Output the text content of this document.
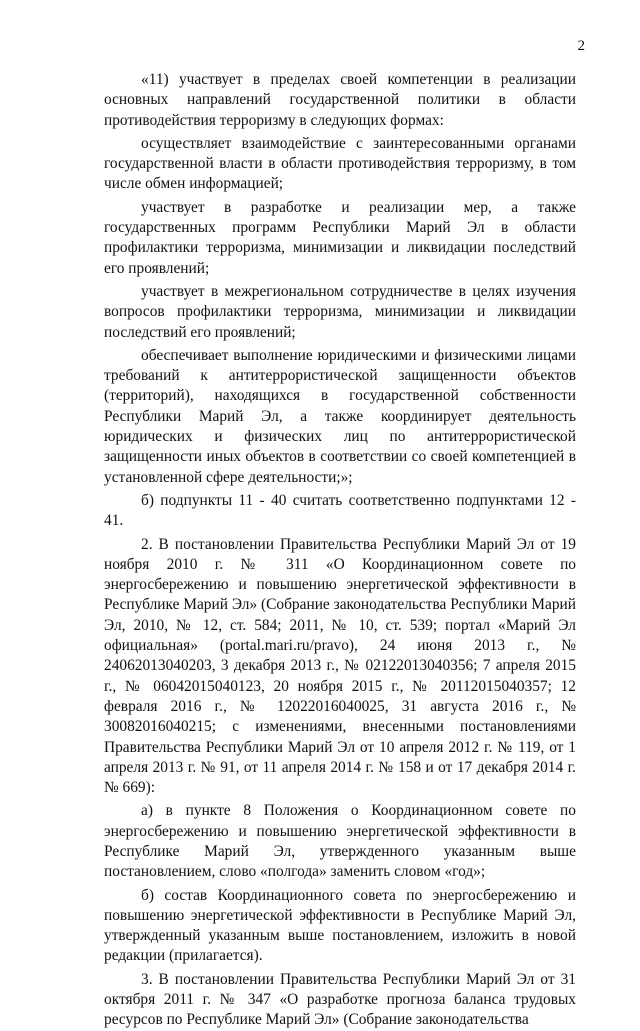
2

«11) участвует в пределах своей компетенции в реализации основных направлений государственной политики в области противодействия терроризму в следующих формах:

осуществляет взаимодействие с заинтересованными органами государственной власти в области противодействия терроризму, в том числе обмен информацией;

участвует в разработке и реализации мер, а также государственных программ Республики Марий Эл в области профилактики терроризма, минимизации и ликвидации последствий его проявлений;

участвует в межрегиональном сотрудничестве в целях изучения вопросов профилактики терроризма, минимизации и ликвидации последствий его проявлений;

обеспечивает выполнение юридическими и физическими лицами требований к антитеррористической защищенности объектов (территорий), находящихся в государственной собственности Республики Марий Эл, а также координирует деятельность юридических и физических лиц по антитеррористической защищенности иных объектов в соответствии со своей компетенцией в установленной сфере деятельности;»;

б) подпункты 11 - 40 считать соответственно подпунктами 12 - 41.

2. В постановлении Правительства Республики Марий Эл от 19 ноября 2010 г. № 311 «О Координационном совете по энергосбережению и повышению энергетической эффективности в Республике Марий Эл» (Собрание законодательства Республики Марий Эл, 2010, № 12, ст. 584; 2011, № 10, ст. 539; портал «Марий Эл официальная» (portal.mari.ru/pravo), 24 июня 2013 г., № 24062013040203, 3 декабря 2013 г., № 02122013040356; 7 апреля 2015 г., № 06042015040123, 20 ноября 2015 г., № 20112015040357; 12 февраля 2016 г., № 12022016040025, 31 августа 2016 г., № 30082016040215; с изменениями, внесенными постановлениями Правительства Республики Марий Эл от 10 апреля 2012 г. № 119, от 1 апреля 2013 г. № 91, от 11 апреля 2014 г. № 158 и от 17 декабря 2014 г. № 669):

а) в пункте 8 Положения о Координационном совете по энергосбережению и повышению энергетической эффективности в Республике Марий Эл, утвержденного указанным выше постановлением, слово «полгода» заменить словом «год»;

б) состав Координационного совета по энергосбережению и повышению энергетической эффективности в Республике Марий Эл, утвержденный указанным выше постановлением, изложить в новой редакции (прилагается).

3. В постановлении Правительства Республики Марий Эл от 31 октября 2011 г. № 347 «О разработке прогноза баланса трудовых ресурсов по Республике Марий Эл» (Собрание законодательства
